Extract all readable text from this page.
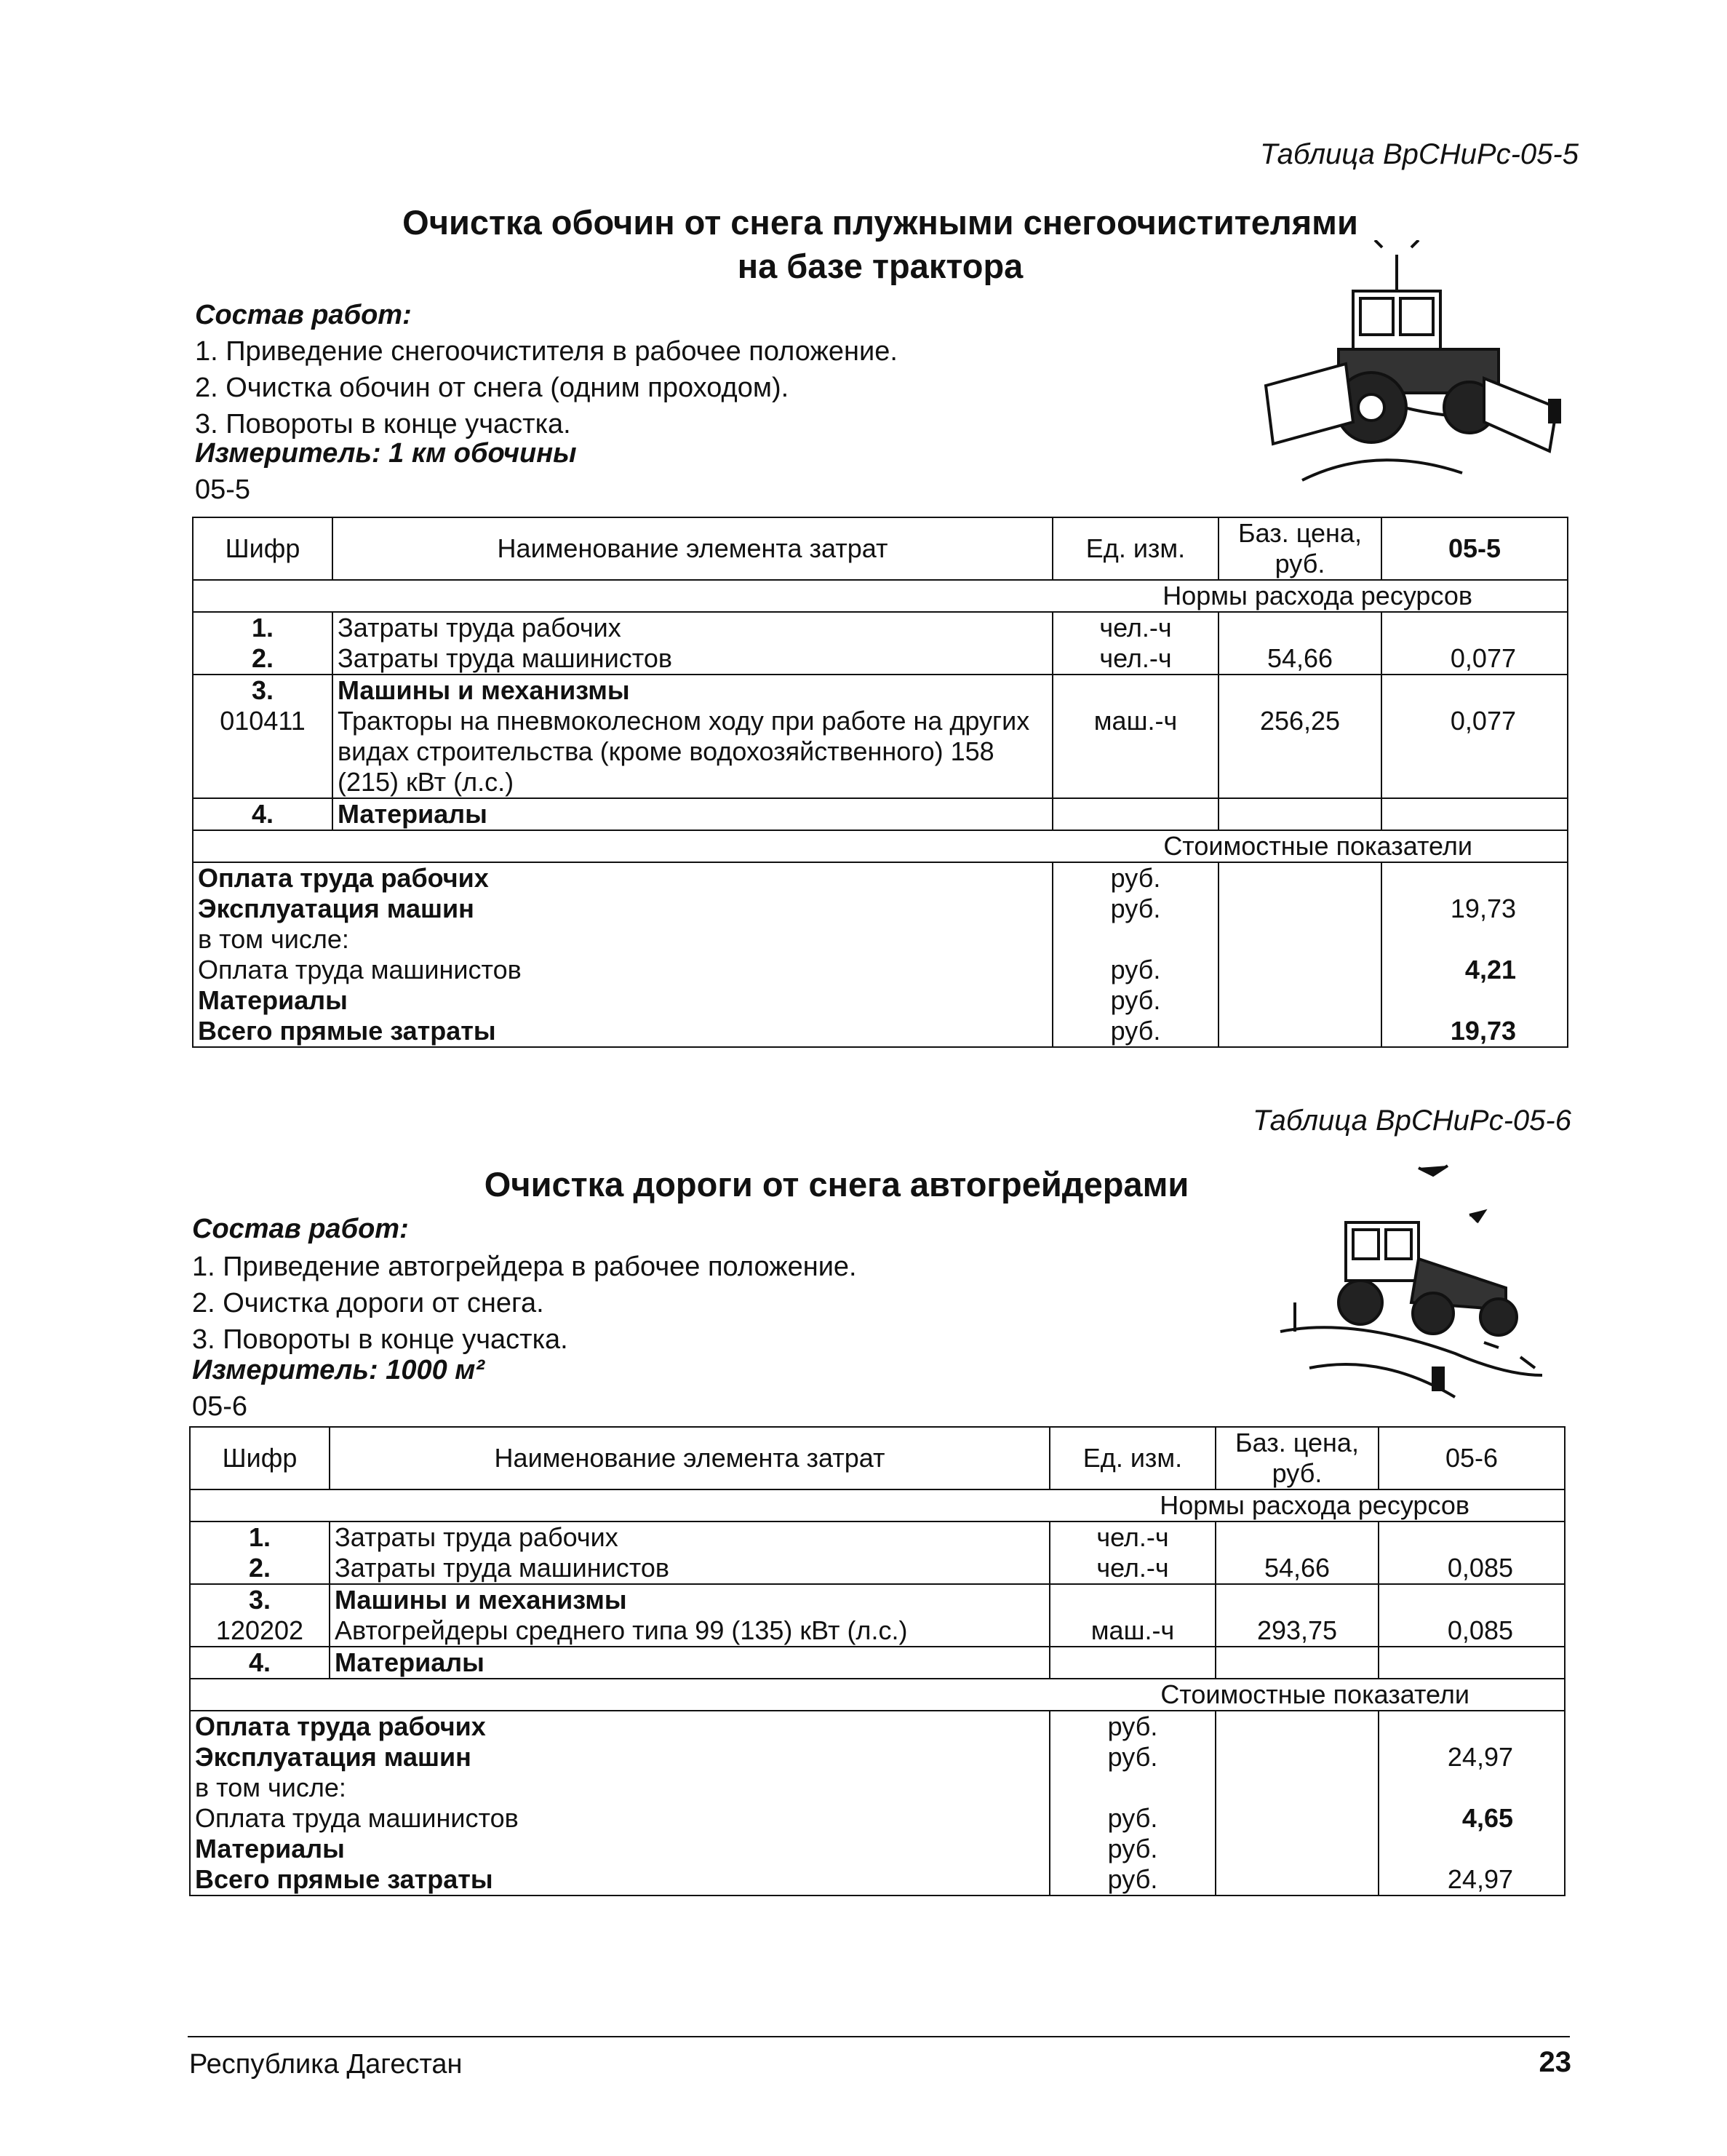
Таблица ВрСНиРс-05-5
Очистка обочин от снега плужными снегоочистителями
на базе трактора
Состав работ:
1. Приведение снегоочистителя в рабочее положение.
2. Очистка обочин от снега (одним проходом).
3. Повороты в конце участка.
Измеритель: 1 км обочины
05-5
Шифр	Наименование элемента затрат	Ед. изм.	Баз. цена, руб.	05-5
Нормы расхода ресурсов				
1.	Затраты труда рабочих	чел.-ч		
2.	Затраты труда машинистов	чел.-ч	54,66	0,077
3.	Машины и механизмы			
010411	Тракторы на пневмоколесном ходу при работе на других видах строительства (кроме водохозяйственного) 158 (215) кВт (л.с.)	маш.-ч	256,25	0,077
4.	Материалы			
Стоимостные показатели				
Оплата труда рабочих		руб.		
Эксплуатация машин		руб.		19,73
в том числе:				
Оплата труда машинистов		руб.		4,21
Материалы		руб.		
Всего прямые затраты		руб.		19,73
Таблица ВрСНиРс-05-6
Очистка дороги от снега автогрейдерами
Состав работ:
1. Приведение автогрейдера в рабочее положение.
2. Очистка дороги от снега.
3. Повороты в конце участка.
Измеритель: 1000 м²
05-6
Шифр	Наименование элемента затрат	Ед. изм.	Баз. цена, руб.	05-6
Нормы расхода ресурсов				
1.	Затраты труда рабочих	чел.-ч		
2.	Затраты труда машинистов	чел.-ч	54,66	0,085
3.	Машины и механизмы			
120202	Автогрейдеры среднего типа 99 (135) кВт (л.с.)	маш.-ч	293,75	0,085
4.	Материалы			
Стоимостные показатели				
Оплата труда рабочих		руб.		
Эксплуатация машин		руб.		24,97
в том числе:				
Оплата труда машинистов		руб.		4,65
Материалы		руб.		
Всего прямые затраты		руб.		24,97
Республика Дагестан	23
